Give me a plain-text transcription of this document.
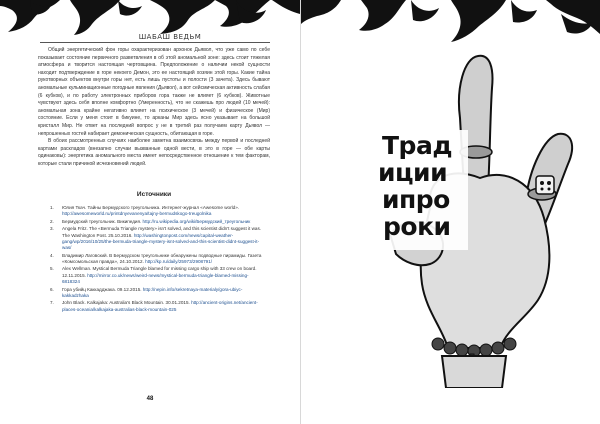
ШАБАШ ВЕДЬМ

Общий энергетический фон горы охарактеризован архонок Дьявол, что уже само по себе показывает состояние первичного разветвления в об этой аномальной зоне: здесь стоит тяжелая атмосфера и творится настоящая чертовщина. Предположение о наличии некой сущности находит подтверждение в горе некоего Демон, это ее настоящий хозяин этой горы. Какие тайна рукотворных объектов внутри горы нет, есть лишь пустоты и полости (3 зачета). Здесь бывают аномальные кульминационные погодные явления (Дьявол), а вот сейсмическая активность слабая (6 кубков), и по работу электронных приборов гора также не влияет (6 кубков). Животные чувствуют здесь себя вполне комфортно (Умеренность), что не скажешь про людей (10 мечей): аномальная зона крайне негативно влияет на психическое (3 мечей) и физическое (Мир) состояние. Если у меня стоит в бикуине, то арканы Мир здесь ясно указывает на большой кристалл Мир. Не ответ на последний вопрос у не в третий раз получаем карту Дьявол — непрошенных гостей набирает демоническая сущность, обитающая в горе.

В обоих рассмотренных случаях наиболее заметна взаимосвязь между первой и последней картами раскладов (внезапно случаи вызванные одной вести, в это в горе — обе карты одинаковы): энергетика аномального места имеет непосредственное отношение к тем факторам, которые стали причиной исчезновений людей.

Источники
1.	Юлия Ткач. Тайны Бермудского треугольника. Интернет-журнал «Awesome world». http://awesomeworld.ru/printdnyevanenya/tajny-bermudskogo-treugolnika
2.	Бермудский треугольник. Википедия. http://ru.wikipedia.org/wiki/Бермудский_треугольник
3.	Angela Fritz. The «Bermuda Triangle mystery» isn't solved, and this scientist didn't suggest it was. The Washington Post. 25.10.2016. http://washingtonpost.com/news/capital-weather-gang/wp/2016/10/25/the-bermuda-triangle-mystery-isnt-solved-and-this-scientist-didnt-suggest-it-was/
4.	Владимир Лаговский. В Бермудском треугольнике обнаружены подводные пирамиды. Газета «Комсомольская правда», 24.10.2012. http://kp.ru/daily/25973/2908791/
5.	Alex Wellman. Mystical Bermuda Triangle blamed for missing cargo ship with 33 crew on board. 12.11.2015. http://mirror.co.uk/news/weird-news/mystical-bermuda-triangle-blamed-missing-6818324
6.	Гора убийц Каккадджака. 09.12.2015. http://nepin.info/sekretnaya-materialy/gora-ubiyc-kakkadzhaka
7.	John Black. Kalkajaka: Australia's Black Mountain. 30.01.2015. http://ancient-origins.net/ancient-places-oceania/kalkajaka-australias-black-mountain-025
48
Трад
иции
ипро
роки
